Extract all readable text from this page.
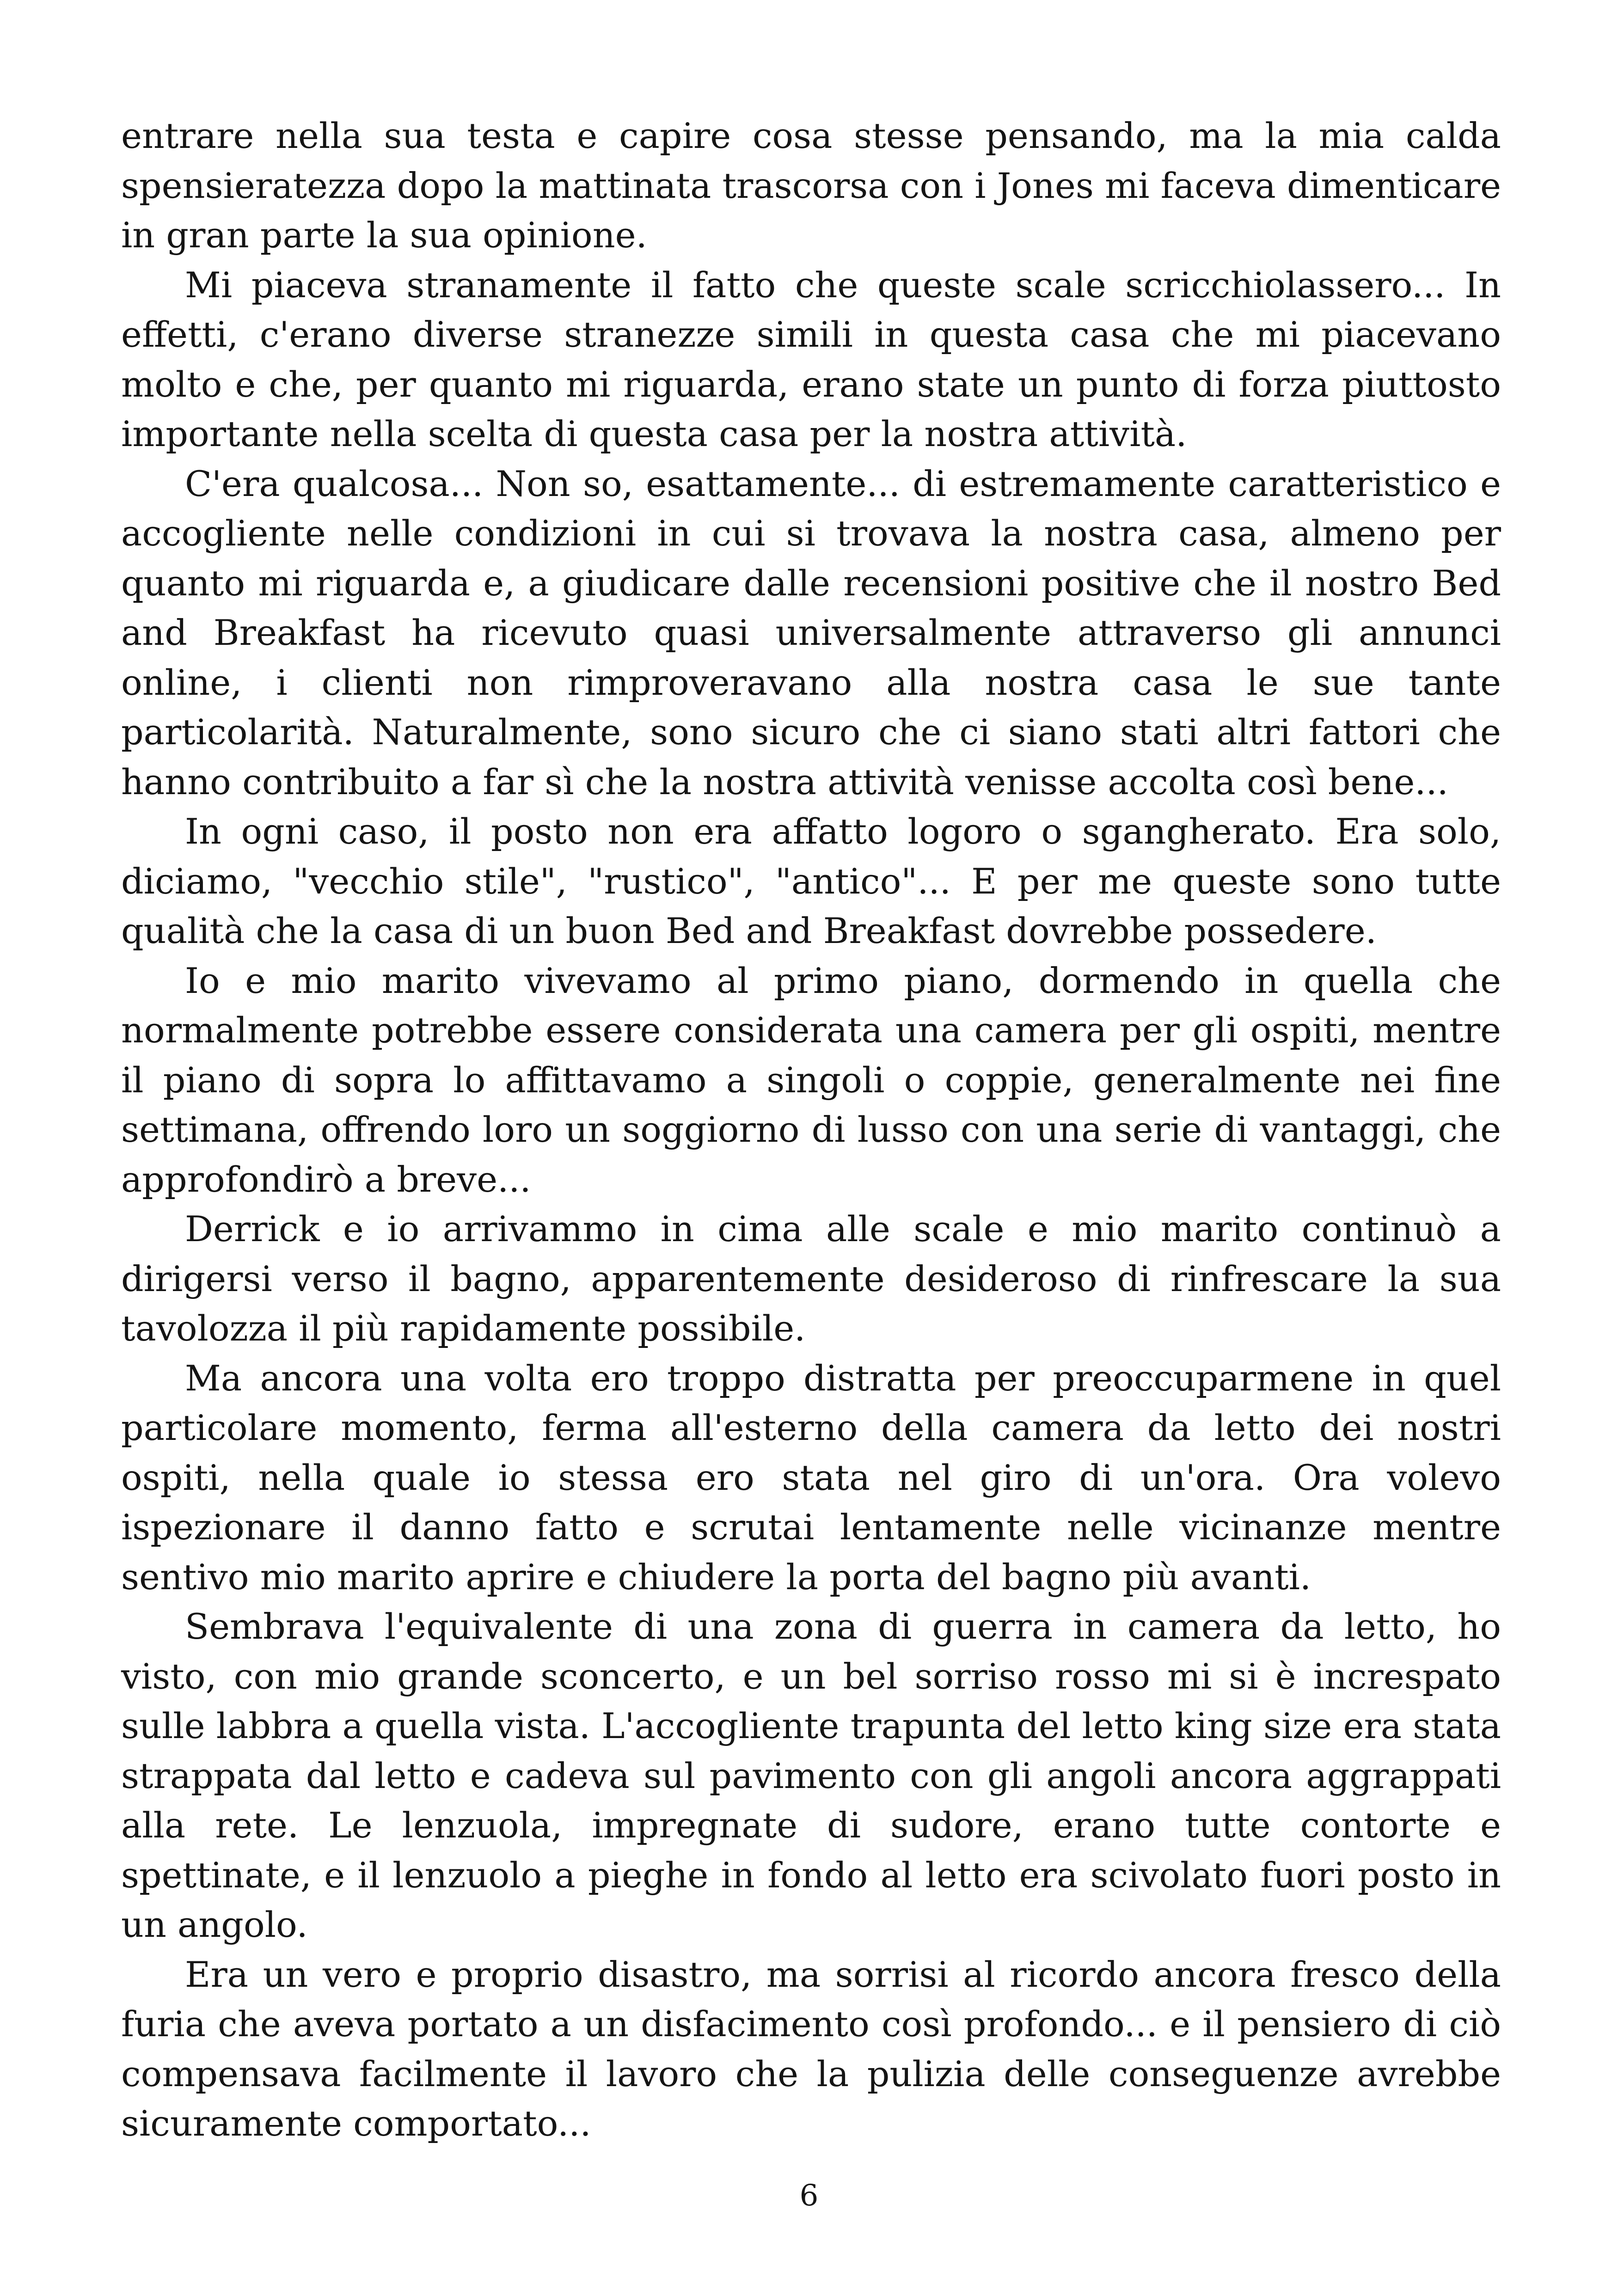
entrare nella sua testa e capire cosa stesse pensando, ma la mia calda spensieratezza dopo la mattinata trascorsa con i Jones mi faceva dimenticare in gran parte la sua opinione.

Mi piaceva stranamente il fatto che queste scale scricchiolassero... In effetti, c'erano diverse stranezze simili in questa casa che mi piacevano molto e che, per quanto mi riguarda, erano state un punto di forza piuttosto importante nella scelta di questa casa per la nostra attività.

C'era qualcosa... Non so, esattamente... di estremamente caratteristico e accogliente nelle condizioni in cui si trovava la nostra casa, almeno per quanto mi riguarda e, a giudicare dalle recensioni positive che il nostro Bed and Breakfast ha ricevuto quasi universalmente attraverso gli annunci online, i clienti non rimproveravano alla nostra casa le sue tante particolarità. Naturalmente, sono sicuro che ci siano stati altri fattori che hanno contribuito a far sì che la nostra attività venisse accolta così bene...

In ogni caso, il posto non era affatto logoro o sgangherato. Era solo, diciamo, "vecchio stile", "rustico", "antico"... E per me queste sono tutte qualità che la casa di un buon Bed and Breakfast dovrebbe possedere.

Io e mio marito vivevamo al primo piano, dormendo in quella che normalmente potrebbe essere considerata una camera per gli ospiti, mentre il piano di sopra lo affittavamo a singoli o coppie, generalmente nei fine settimana, offrendo loro un soggiorno di lusso con una serie di vantaggi, che approfondirò a breve...

Derrick e io arrivammo in cima alle scale e mio marito continuò a dirigersi verso il bagno, apparentemente desideroso di rinfrescare la sua tavolozza il più rapidamente possibile.

Ma ancora una volta ero troppo distratta per preoccuparmene in quel particolare momento, ferma all'esterno della camera da letto dei nostri ospiti, nella quale io stessa ero stata nel giro di un'ora. Ora volevo ispezionare il danno fatto e scrutai lentamente nelle vicinanze mentre sentivo mio marito aprire e chiudere la porta del bagno più avanti.

Sembrava l'equivalente di una zona di guerra in camera da letto, ho visto, con mio grande sconcerto, e un bel sorriso rosso mi si è increspato sulle labbra a quella vista. L'accogliente trapunta del letto king size era stata strappata dal letto e cadeva sul pavimento con gli angoli ancora aggrappati alla rete. Le lenzuola, impregnate di sudore, erano tutte contorte e spettinate, e il lenzuolo a pieghe in fondo al letto era scivolato fuori posto in un angolo.

Era un vero e proprio disastro, ma sorrisi al ricordo ancora fresco della furia che aveva portato a un disfacimento così profondo... e il pensiero di ciò compensava facilmente il lavoro che la pulizia delle conseguenze avrebbe sicuramente comportato...

6
